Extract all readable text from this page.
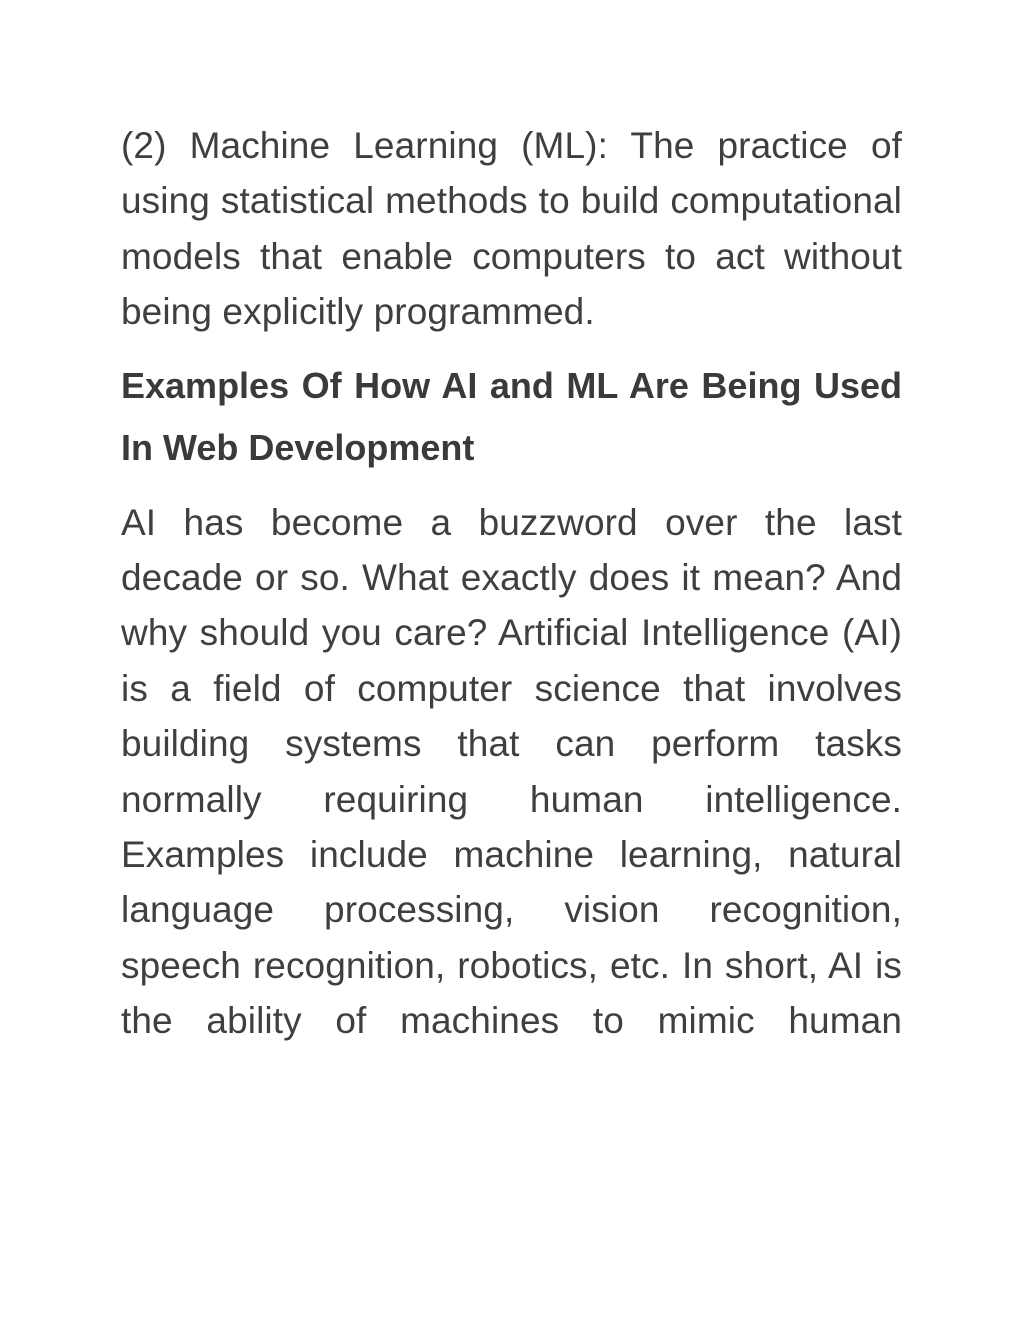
(2) Machine Learning (ML): The practice of using statistical methods to build computational models that enable computers to act without being explicitly programmed.

Examples Of How AI and ML Are Being Used In Web Development

AI has become a buzzword over the last decade or so. What exactly does it mean? And why should you care? Artificial Intelligence (AI) is a field of computer science that involves building systems that can perform tasks normally requiring human intelligence. Examples include machine learning, natural language processing, vision recognition, speech recognition, robotics, etc. In short, AI is the ability of machines to mimic human
